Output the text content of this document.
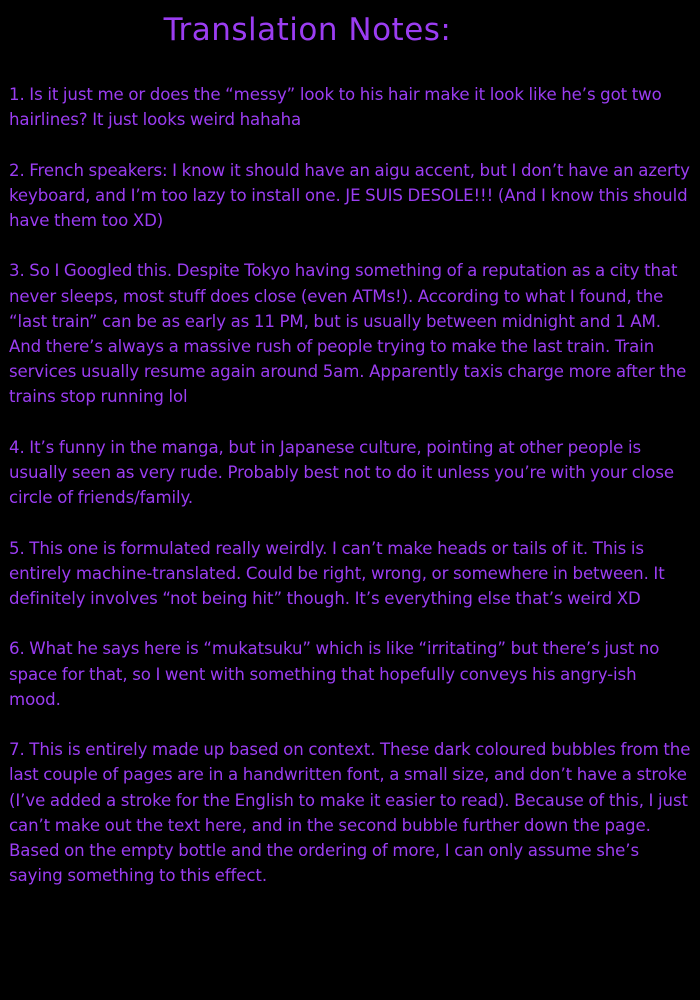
Translation Notes:
1. Is it just me or does the “messy” look to his hair make it look like he’s got two hairlines? It just looks weird hahaha
2. French speakers: I know it should have an aigu accent, but I don’t have an azerty keyboard, and I’m too lazy to install one. JE SUIS DESOLE!!! (And I know this should have them too XD)
3. So I Googled this. Despite Tokyo having something of a reputation as a city that never sleeps, most stuff does close (even ATMs!). According to what I found, the “last train” can be as early as 11 PM, but is usually between midnight and 1 AM. And there’s always a massive rush of people trying to make the last train. Train services usually resume again around 5am. Apparently taxis charge more after the trains stop running lol
4. It’s funny in the manga, but in Japanese culture, pointing at other people is usually seen as very rude. Probably best not to do it unless you’re with your close circle of friends/family.
5. This one is formulated really weirdly. I can’t make heads or tails of it. This is entirely machine-translated. Could be right, wrong, or somewhere in between. It definitely involves “not being hit” though. It’s everything else that’s weird XD
6. What he says here is “mukatsuku” which is like “irritating” but there’s just no space for that, so I went with something that hopefully conveys his angry-ish mood.
7. This is entirely made up based on context. These dark coloured bubbles from the last couple of pages are in a handwritten font, a small size, and don’t have a stroke (I’ve added a stroke for the English to make it easier to read). Because of this, I just can’t make out the text here, and in the second bubble further down the page. Based on the empty bottle and the ordering of more, I can only assume she’s saying something to this effect.
